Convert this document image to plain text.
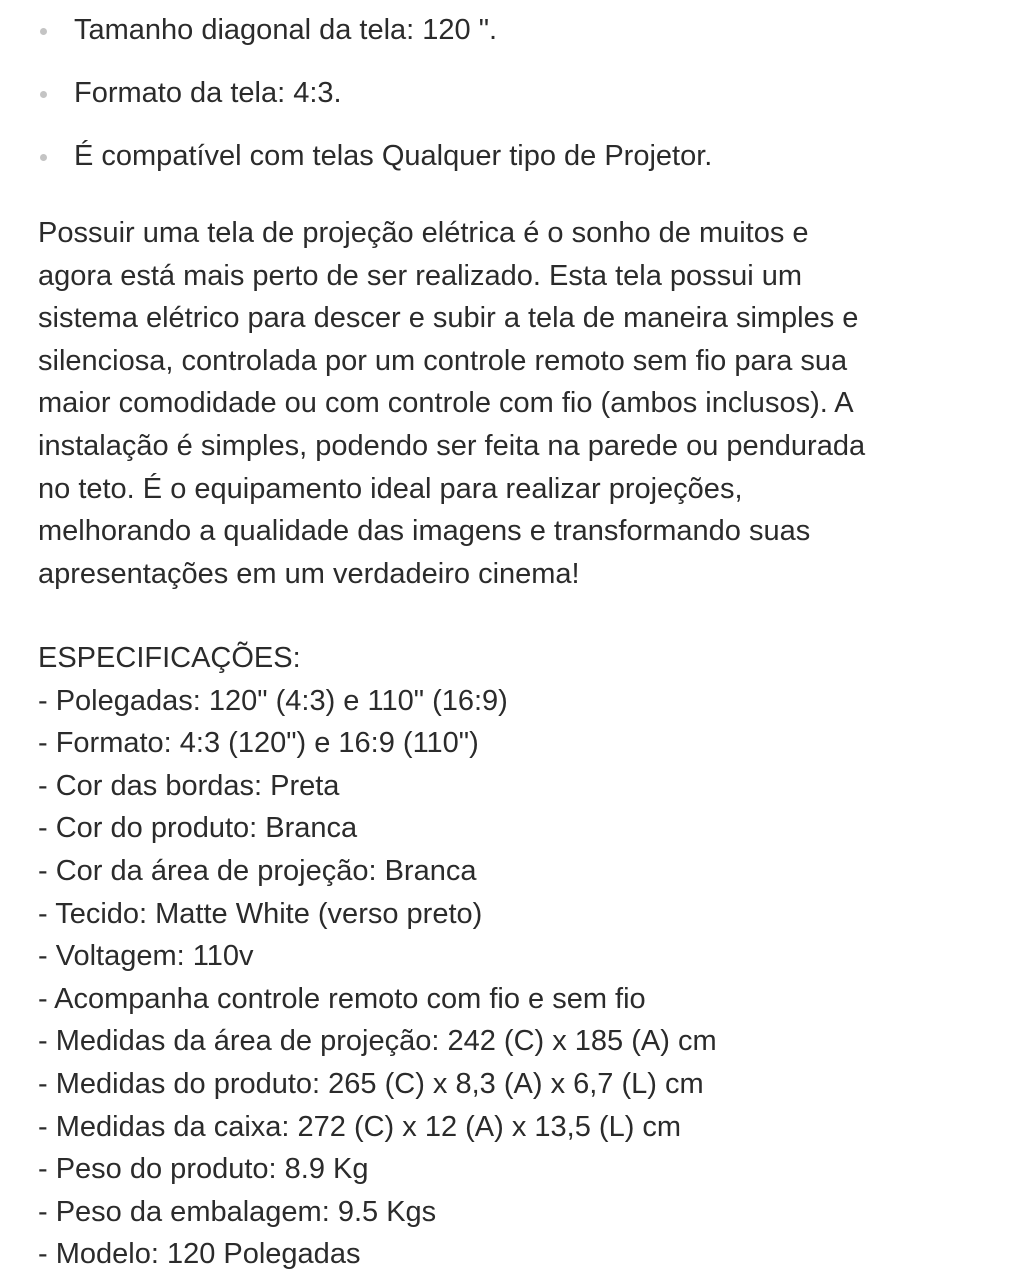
Tamanho diagonal da tela: 120 ".
Formato da tela: 4:3.
É compatível com telas Qualquer tipo de Projetor.

Possuir uma tela de projeção elétrica é o sonho de muitos e
agora está mais perto de ser realizado. Esta tela possui um
sistema elétrico para descer e subir a tela de maneira simples e
silenciosa, controlada por um controle remoto sem fio para sua
maior comodidade ou com controle com fio (ambos inclusos). A
instalação é simples, podendo ser feita na parede ou pendurada
no teto. É o equipamento ideal para realizar projeções,
melhorando a qualidade das imagens e transformando suas
apresentações em um verdadeiro cinema!

ESPECIFICAÇÕES:
- Polegadas: 120" (4:3) e 110" (16:9)
- Formato: 4:3 (120") e 16:9 (110")
- Cor das bordas: Preta
- Cor do produto: Branca
- Cor da área de projeção: Branca
- Tecido: Matte White (verso preto)
- Voltagem: 110v
- Acompanha controle remoto com fio e sem fio
- Medidas da área de projeção: 242 (C) x 185 (A) cm
- Medidas do produto: 265 (C) x 8,3 (A) x 6,7 (L) cm
- Medidas da caixa: 272 (C) x 12 (A) x 13,5 (L) cm
- Peso do produto: 8.9 Kg
- Peso da embalagem: 9.5 Kgs
- Modelo: 120 Polegadas
